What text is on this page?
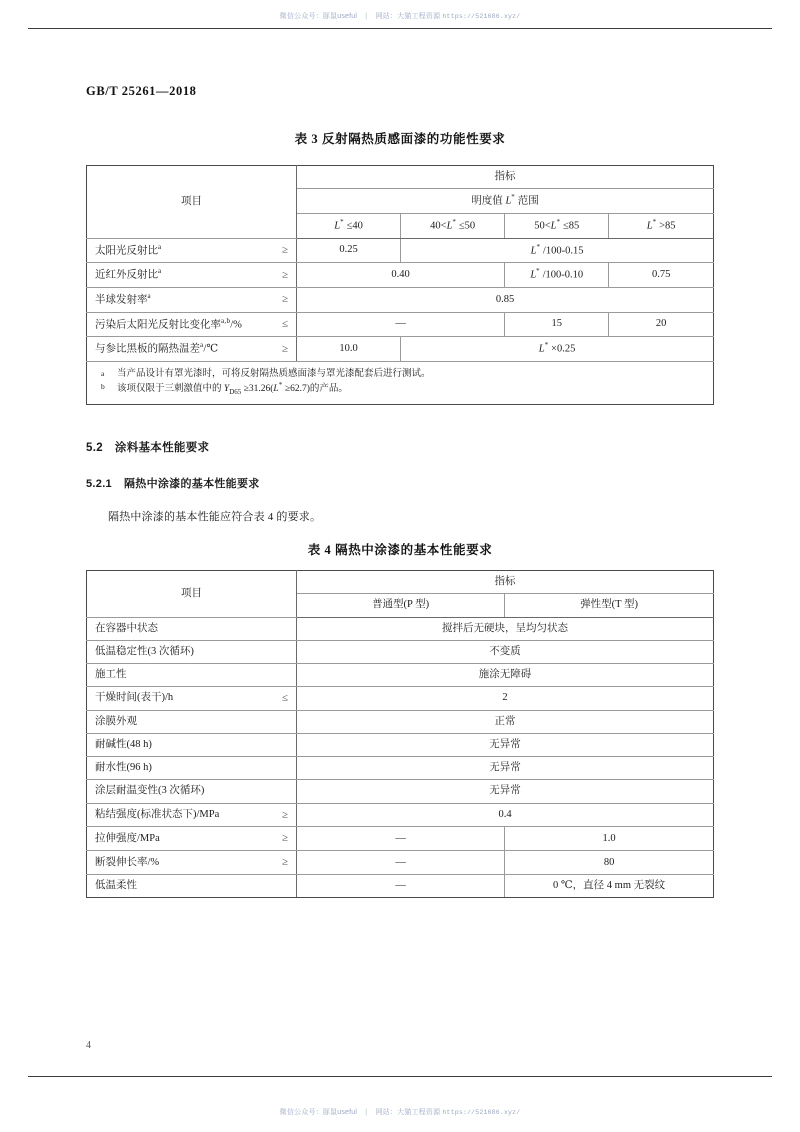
微信公众号：豚鼠useful | 网站：大猫工程资源 https://521686.xyz/
GB/T 25261—2018
表 3 反射隔热质感面漆的功能性要求
项目	指标			
	明度值 L* 范围			
	L* ≤40	40<L* ≤50	50<L* ≤85	L* >85

太阳光反射比$^a$ ≥	0.25	L* /100-0.15		

近红外反射比$^a$ ≥	0.40		L* /100-0.10	0.75

半球发射率$^a$ ≥	0.85			

污染后太阳光反射比变化率$^{a,b}$/% ≤	—		15	20

与参比黑板的隔热温差$^a$/℃ ≥	10.0	L* ×0.25		

a 当产品设计有罩光漆时，可将反射隔热质感面漆与罩光漆配套后进行测试。
b 该项仅限于三刺激值中的 $Y_{D65} \ge 31.26(L^* \ge 62.7)$的产品。				
5.2 涂料基本性能要求
5.2.1 隔热中涂漆的基本性能要求

隔热中涂漆的基本性能应符合表 4 的要求。

表 4 隔热中涂漆的基本性能要求
项目	指标	
	普通型(P 型)	弹性型(T 型)

在容器中状态	搅拌后无硬块，呈均匀状态	

低温稳定性(3 次循环)	不变质	

施工性	施涂无障碍	

干燥时间(表干)/h ≤	2	

涂膜外观	正常	

耐碱性(48 h)	无异常	

耐水性(96 h)	无异常	

涂层耐温变性(3 次循环)	无异常	

粘结强度(标准状态下)/MPa ≥	0.4	

拉伸强度/MPa ≥	—	1.0

断裂伸长率/% ≥	—	80

低温柔性	—	0 ℃，直径 4 mm 无裂纹
4
微信公众号：豚鼠useful | 网站：大猫工程资源 https://521686.xyz/
